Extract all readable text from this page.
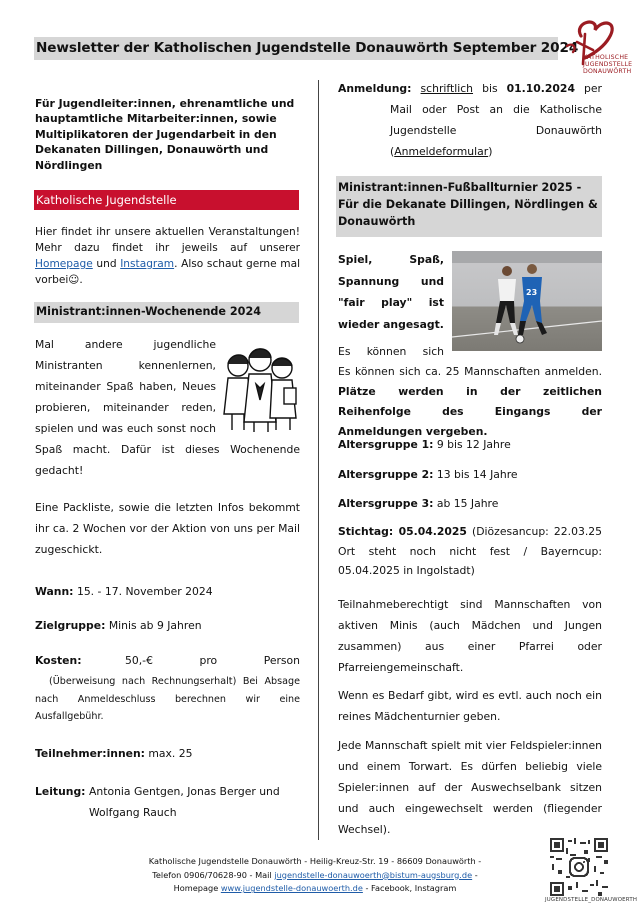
Newsletter der Katholischen Jugendstelle Donauwörth September 2024
KATHOLISCHE
JUGENDSTELLE
DONAUWÖRTH
Für Jugendleiter:innen, ehrenamtliche und hauptamtliche Mitarbeiter:innen, sowie Multiplikatoren der Jugendarbeit in den Dekanaten Dillingen, Donauwörth und Nördlingen
Katholische Jugendstelle
Hier findet ihr unsere aktuellen Veranstaltungen! Mehr dazu findet ihr jeweils auf unserer Homepage und Instagram. Also schaut gerne mal vorbei☺.
Ministrant:innen-Wochenende 2024
Mal andere jugendliche Ministranten kennenlernen, miteinander Spaß haben, Neues probieren, miteinander reden, spielen und was euch sonst noch Spaß macht. Dafür ist dieses Wochenende gedacht!
Eine Packliste, sowie die letzten Infos bekommt ihr ca. 2 Wochen vor der Aktion von uns per Mail zugeschickt.
Wann: 15. - 17. November 2024
Zielgruppe: Minis ab 9 Jahren
Kosten:	50,-€ pro Person
(Überweisung nach Rechnungserhalt) Bei Absage nach Anmeldeschluss berechnen wir eine Ausfallgebühr.
Teilnehmer:innen: max. 25
Leitung: Antonia Gentgen, Jonas Berger und Wolfgang Rauch
Anmeldung: schriftlich bis 01.10.2024 per
Mail oder Post an die Katholische Jugendstelle Donauwörth (Anmeldeformular)
Ministrant:innen-Fußballturnier 2025 - Für die Dekanate Dillingen, Nördlingen & Donauwörth
23
Spiel, Spaß, Spannung und "fair play" ist wieder angesagt.
Es können sich
Es können sich ca. 25 Mannschaften anmelden. Plätze werden in der zeitlichen Reihenfolge des Eingangs der Anmeldungen vergeben.
Altersgruppe 1: 9 bis 12 Jahre
Altersgruppe 2: 13 bis 14 Jahre
Altersgruppe 3: ab 15 Jahre
Stichtag: 05.04.2025 (Diözesancup: 22.03.25 Ort steht noch nicht fest / Bayerncup: 05.04.2025 in Ingolstadt)
Teilnahmeberechtigt sind Mannschaften von aktiven Minis (auch Mädchen und Jungen zusammen) aus einer Pfarrei oder Pfarreiengemeinschaft.
Wenn es Bedarf gibt, wird es evtl. auch noch ein reines Mädchenturnier geben.
Jede Mannschaft spielt mit vier Feldspieler:innen und einem Torwart. Es dürfen beliebig viele Spieler:innen auf der Auswechselbank sitzen und auch eingewechselt werden (fliegender Wechsel).
Katholische Jugendstelle Donauwörth - Heilig-Kreuz-Str. 19 - 86609 Donauwörth -
Telefon 0906/70628-90 - Mail jugendstelle-donauwoerth@bistum-augsburg.de -
Homepage www.jugendstelle-donauwoerth.de - Facebook, Instagram
JUGENDSTELLE_DONAUWOERTH
